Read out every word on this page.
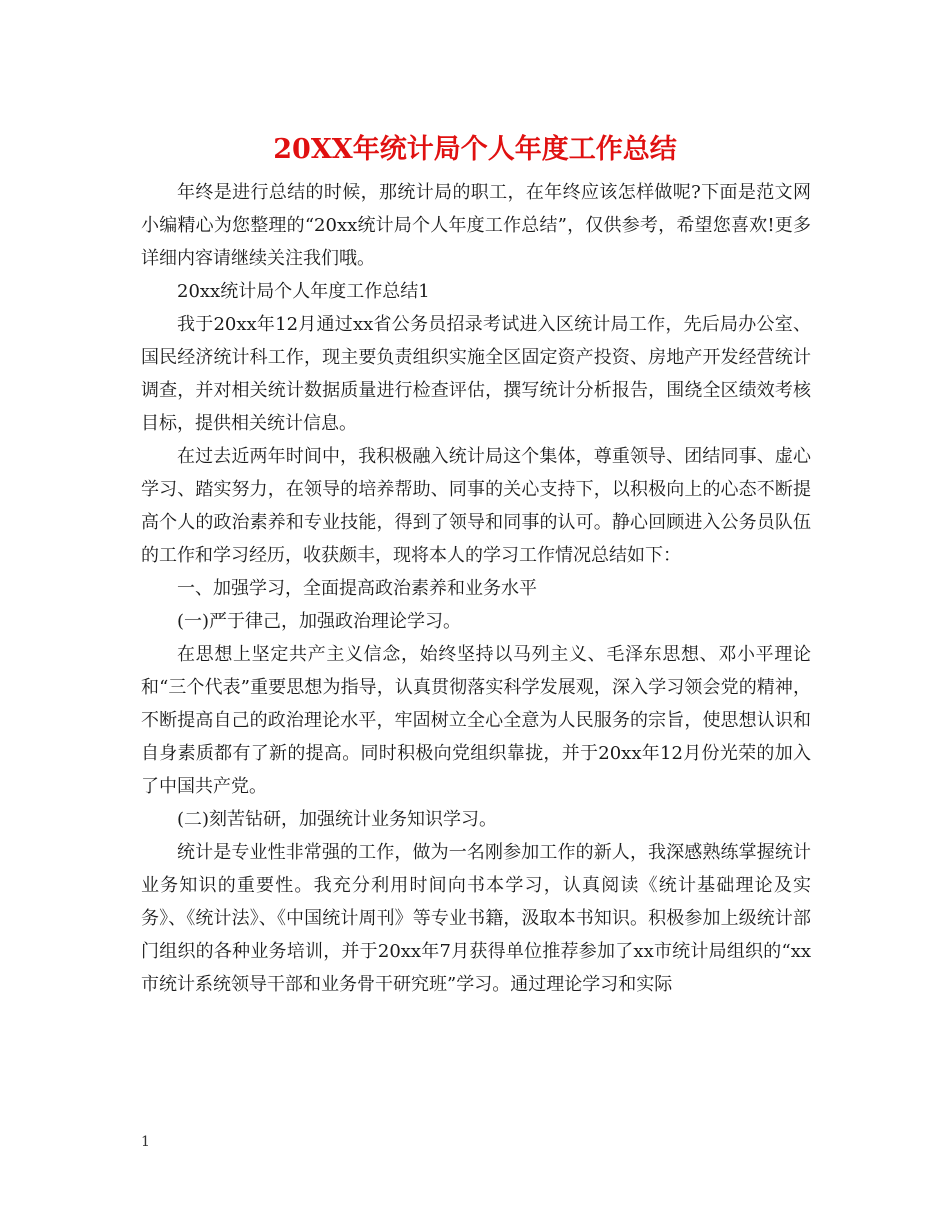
20XX年统计局个人年度工作总结

年终是进行总结的时候，那统计局的职工，在年终应该怎样做呢?下面是范文网小编精心为您整理的“20xx统计局个人年度工作总结”，仅供参考，希望您喜欢!更多详细内容请继续关注我们哦。

20xx统计局个人年度工作总结1

我于20xx年12月通过xx省公务员招录考试进入区统计局工作，先后局办公室、国民经济统计科工作，现主要负责组织实施全区固定资产投资、房地产开发经营统计调查，并对相关统计数据质量进行检查评估，撰写统计分析报告，围绕全区绩效考核目标，提供相关统计信息。

在过去近两年时间中，我积极融入统计局这个集体，尊重领导、团结同事、虚心学习、踏实努力，在领导的培养帮助、同事的关心支持下，以积极向上的心态不断提高个人的政治素养和专业技能，得到了领导和同事的认可。静心回顾进入公务员队伍的工作和学习经历，收获颇丰，现将本人的学习工作情况总结如下：

一、加强学习，全面提高政治素养和业务水平

(一)严于律己，加强政治理论学习。

在思想上坚定共产主义信念，始终坚持以马列主义、毛泽东思想、邓小平理论和“三个代表”重要思想为指导，认真贯彻落实科学发展观，深入学习领会党的精神，不断提高自己的政治理论水平，牢固树立全心全意为人民服务的宗旨，使思想认识和自身素质都有了新的提高。同时积极向党组织靠拢，并于20xx年12月份光荣的加入了中国共产党。

(二)刻苦钻研，加强统计业务知识学习。

统计是专业性非常强的工作，做为一名刚参加工作的新人，我深感熟练掌握统计业务知识的重要性。我充分利用时间向书本学习，认真阅读《统计基础理论及实务》、《统计法》、《中国统计周刊》等专业书籍，汲取本书知识。积极参加上级统计部门组织的各种业务培训，并于20xx年7月获得单位推荐参加了xx市统计局组织的“xx市统计系统领导干部和业务骨干研究班”学习。通过理论学习和实际

1
